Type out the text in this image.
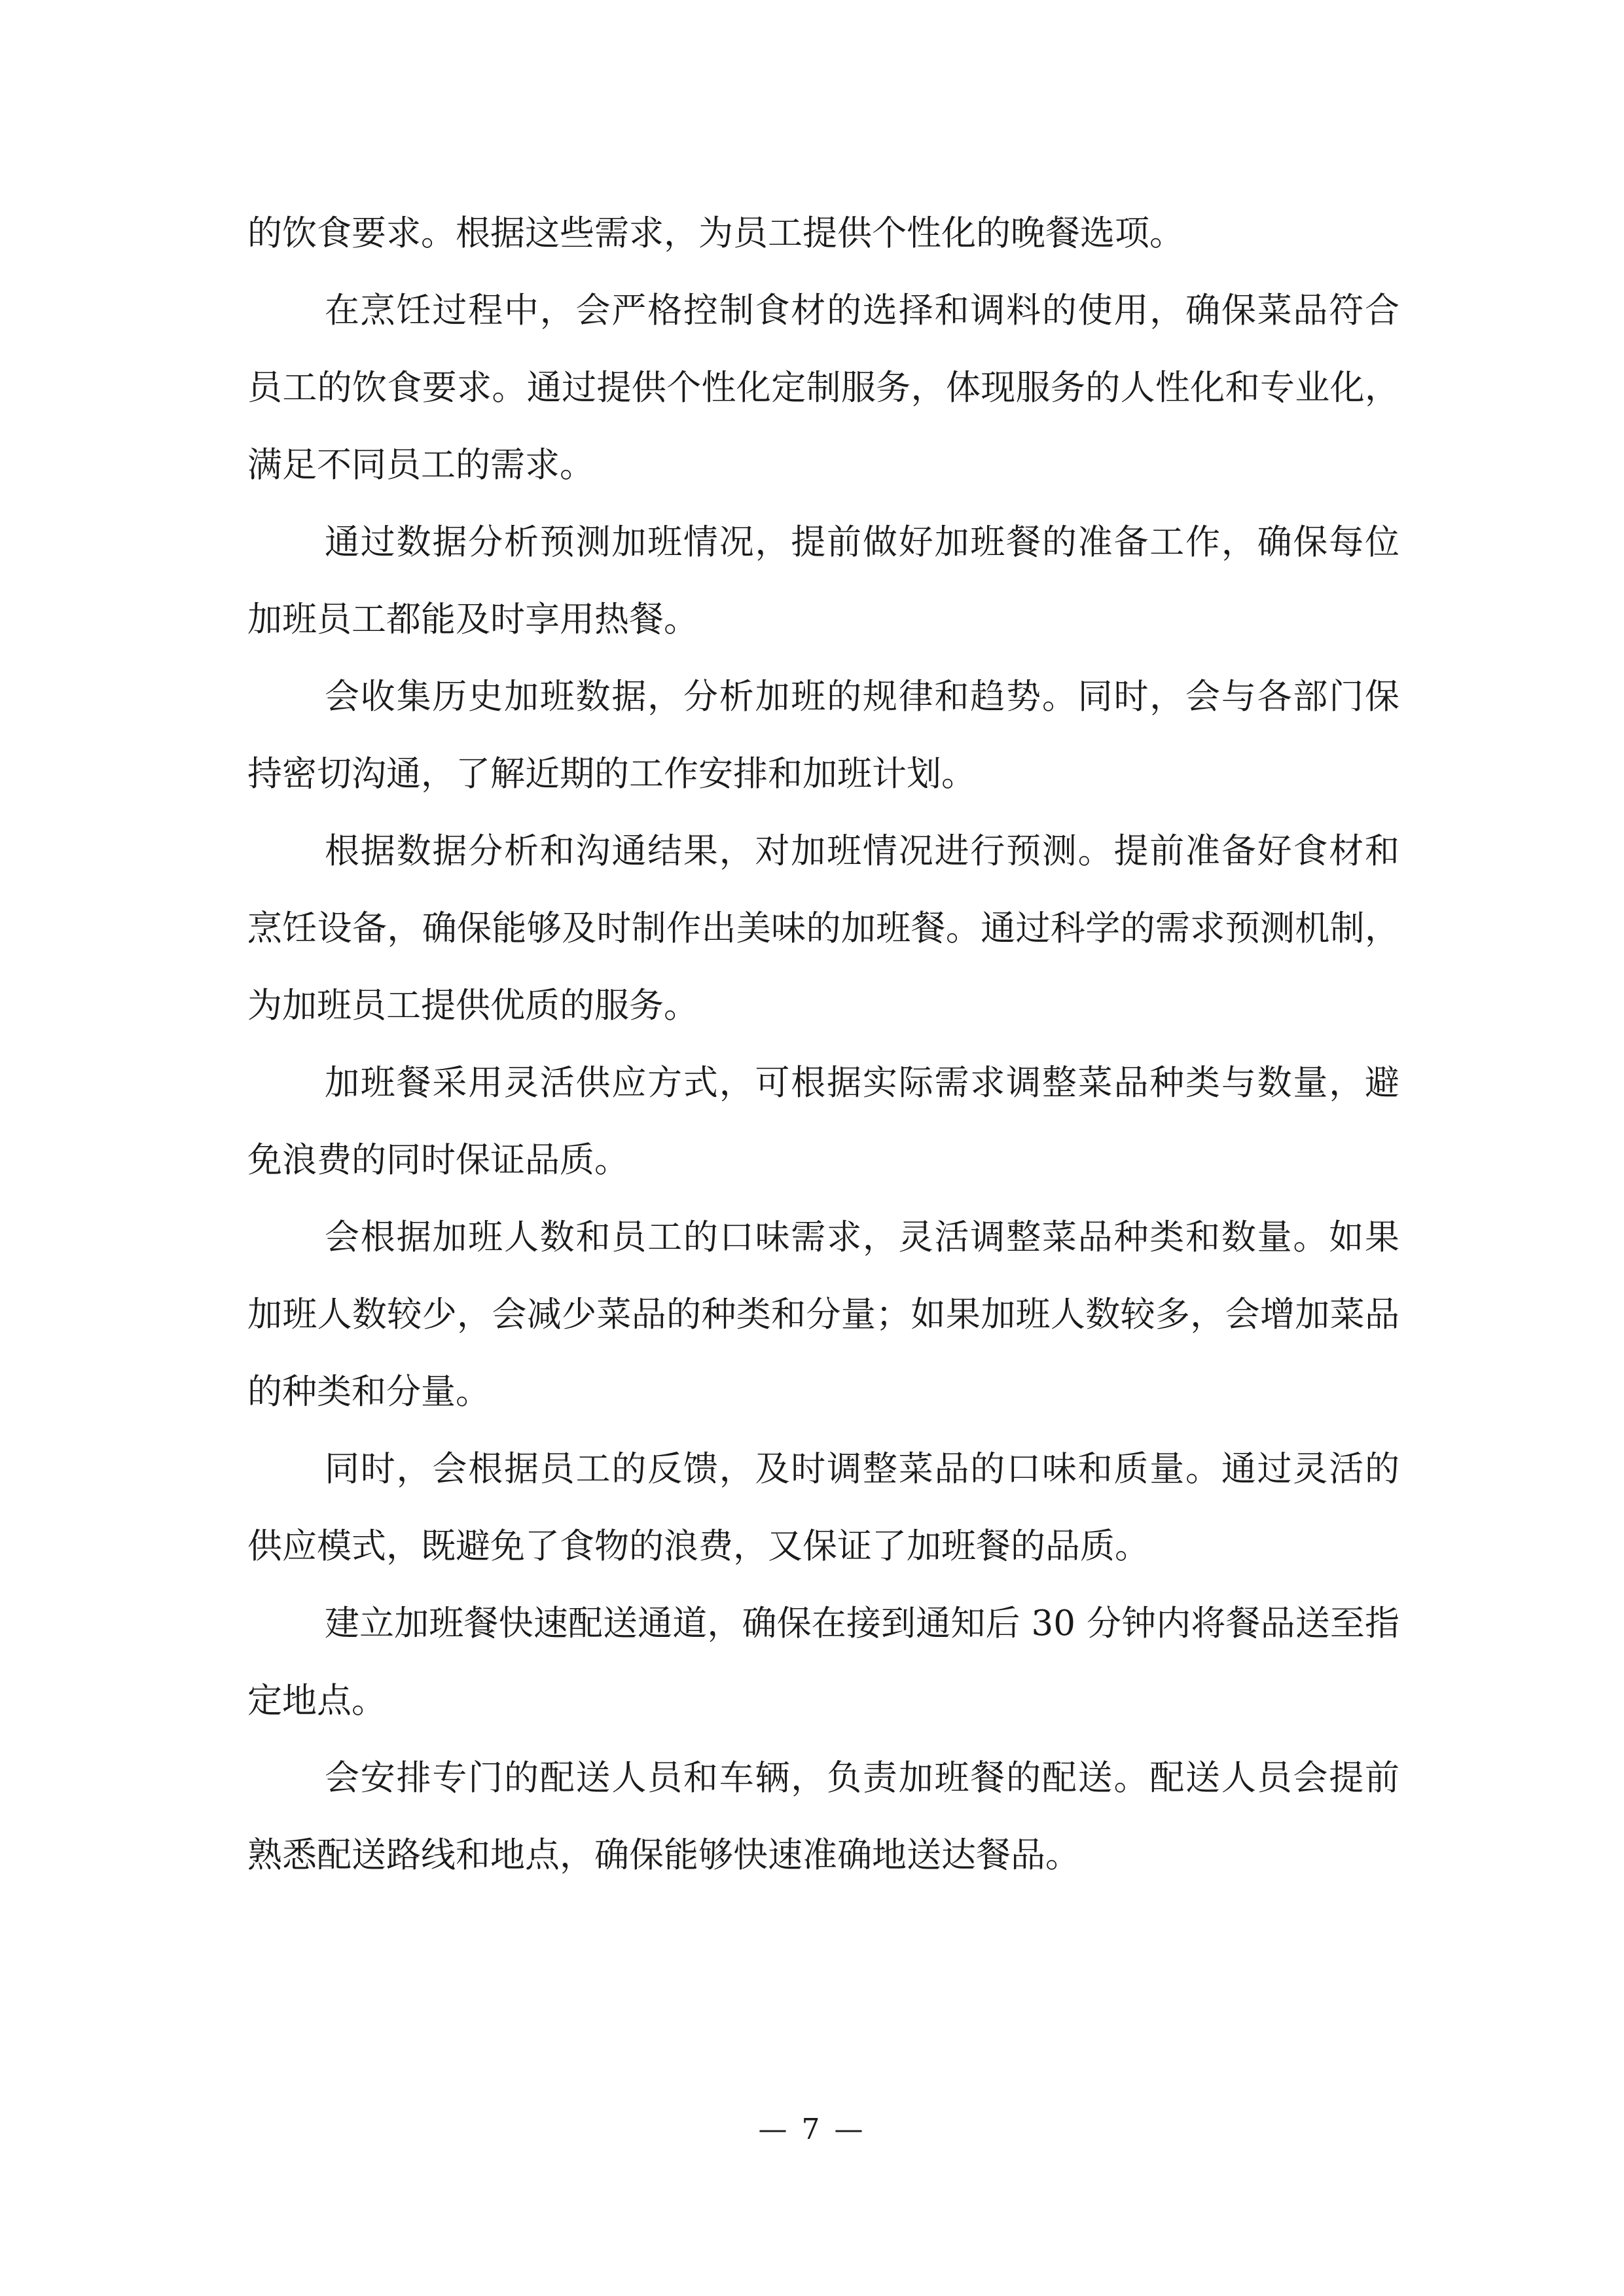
的饮食要求。根据这些需求，为员工提供个性化的晚餐选项。

在烹饪过程中，会严格控制食材的选择和调料的使用，确保菜品符合员工的饮食要求。通过提供个性化定制服务，体现服务的人性化和专业化，满足不同员工的需求。

通过数据分析预测加班情况，提前做好加班餐的准备工作，确保每位加班员工都能及时享用热餐。

会收集历史加班数据，分析加班的规律和趋势。同时，会与各部门保持密切沟通，了解近期的工作安排和加班计划。

根据数据分析和沟通结果，对加班情况进行预测。提前准备好食材和烹饪设备，确保能够及时制作出美味的加班餐。通过科学的需求预测机制，为加班员工提供优质的服务。

加班餐采用灵活供应方式，可根据实际需求调整菜品种类与数量，避免浪费的同时保证品质。

会根据加班人数和员工的口味需求，灵活调整菜品种类和数量。如果加班人数较少，会减少菜品的种类和分量；如果加班人数较多，会增加菜品的种类和分量。

同时，会根据员工的反馈，及时调整菜品的口味和质量。通过灵活的供应模式，既避免了食物的浪费，又保证了加班餐的品质。

建立加班餐快速配送通道，确保在接到通知后 30 分钟内将餐品送至指定地点。

会安排专门的配送人员和车辆，负责加班餐的配送。配送人员会提前熟悉配送路线和地点，确保能够快速准确地送达餐品。

— 7 —
